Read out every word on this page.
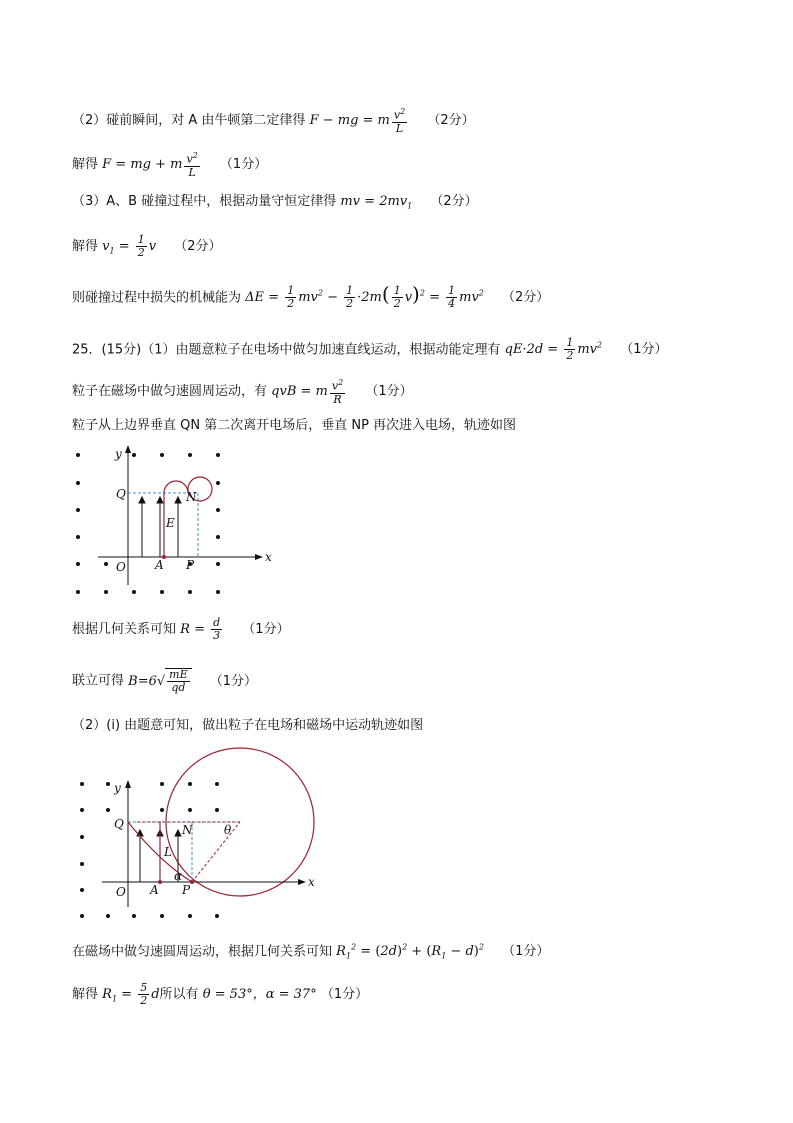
（2）碰前瞬间，对 A 由牛顿第二定律得 F − mg = m $\frac{v^2}{L} (2$分）
解得 F = mg + m $\frac{v^2}{L} (1$分）
（3）A、B 碰撞过程中，根据动量守恒定律得 mv = $2mv_1$ （2分）
解得 $v_1 = \frac{1}{2}$ v （2分）
则碰撞过程中损失的机械能为 $\Delta E = \frac{1}{2} mv^2 - \frac{1}{2} \cdot 2m( \frac{1}{2} v)^2 = \frac{1}{4} mv^2$ （2分）
25．(15分)（1）由题意粒子在电场中做匀加速直线运动，根据动能定理有 $qE\cdot 2d = \frac{1}{2} mv^2$ （1分）
粒子在磁场中做匀速圆周运动，有 qvB = m $\frac{v^2}{R} (1$分）
粒子从上边界垂直 QN 第二次离开电场后，垂直 NP 再次进入电场，轨迹如图
y
x
Q	N
E
O A P
根据几何关系可知 $R = \frac{d}{3} (1$分）
联立可得 $B=6√ \frac{mE}{qd} (1$分）
（2）(i) 由题意可知，做出粒子在电场和磁场中运动轨迹如图
y
x
Q	N
L
θ
α
O A P
在磁场中做匀速圆周运动，根据几何关系可知 $R_1^2 = (2d)^2 + (R_1 - d)^2$ （1分）
解得 $R_1 = \frac{5}{2}$ d所以有 θ = 53°，α = 37° （1分）
